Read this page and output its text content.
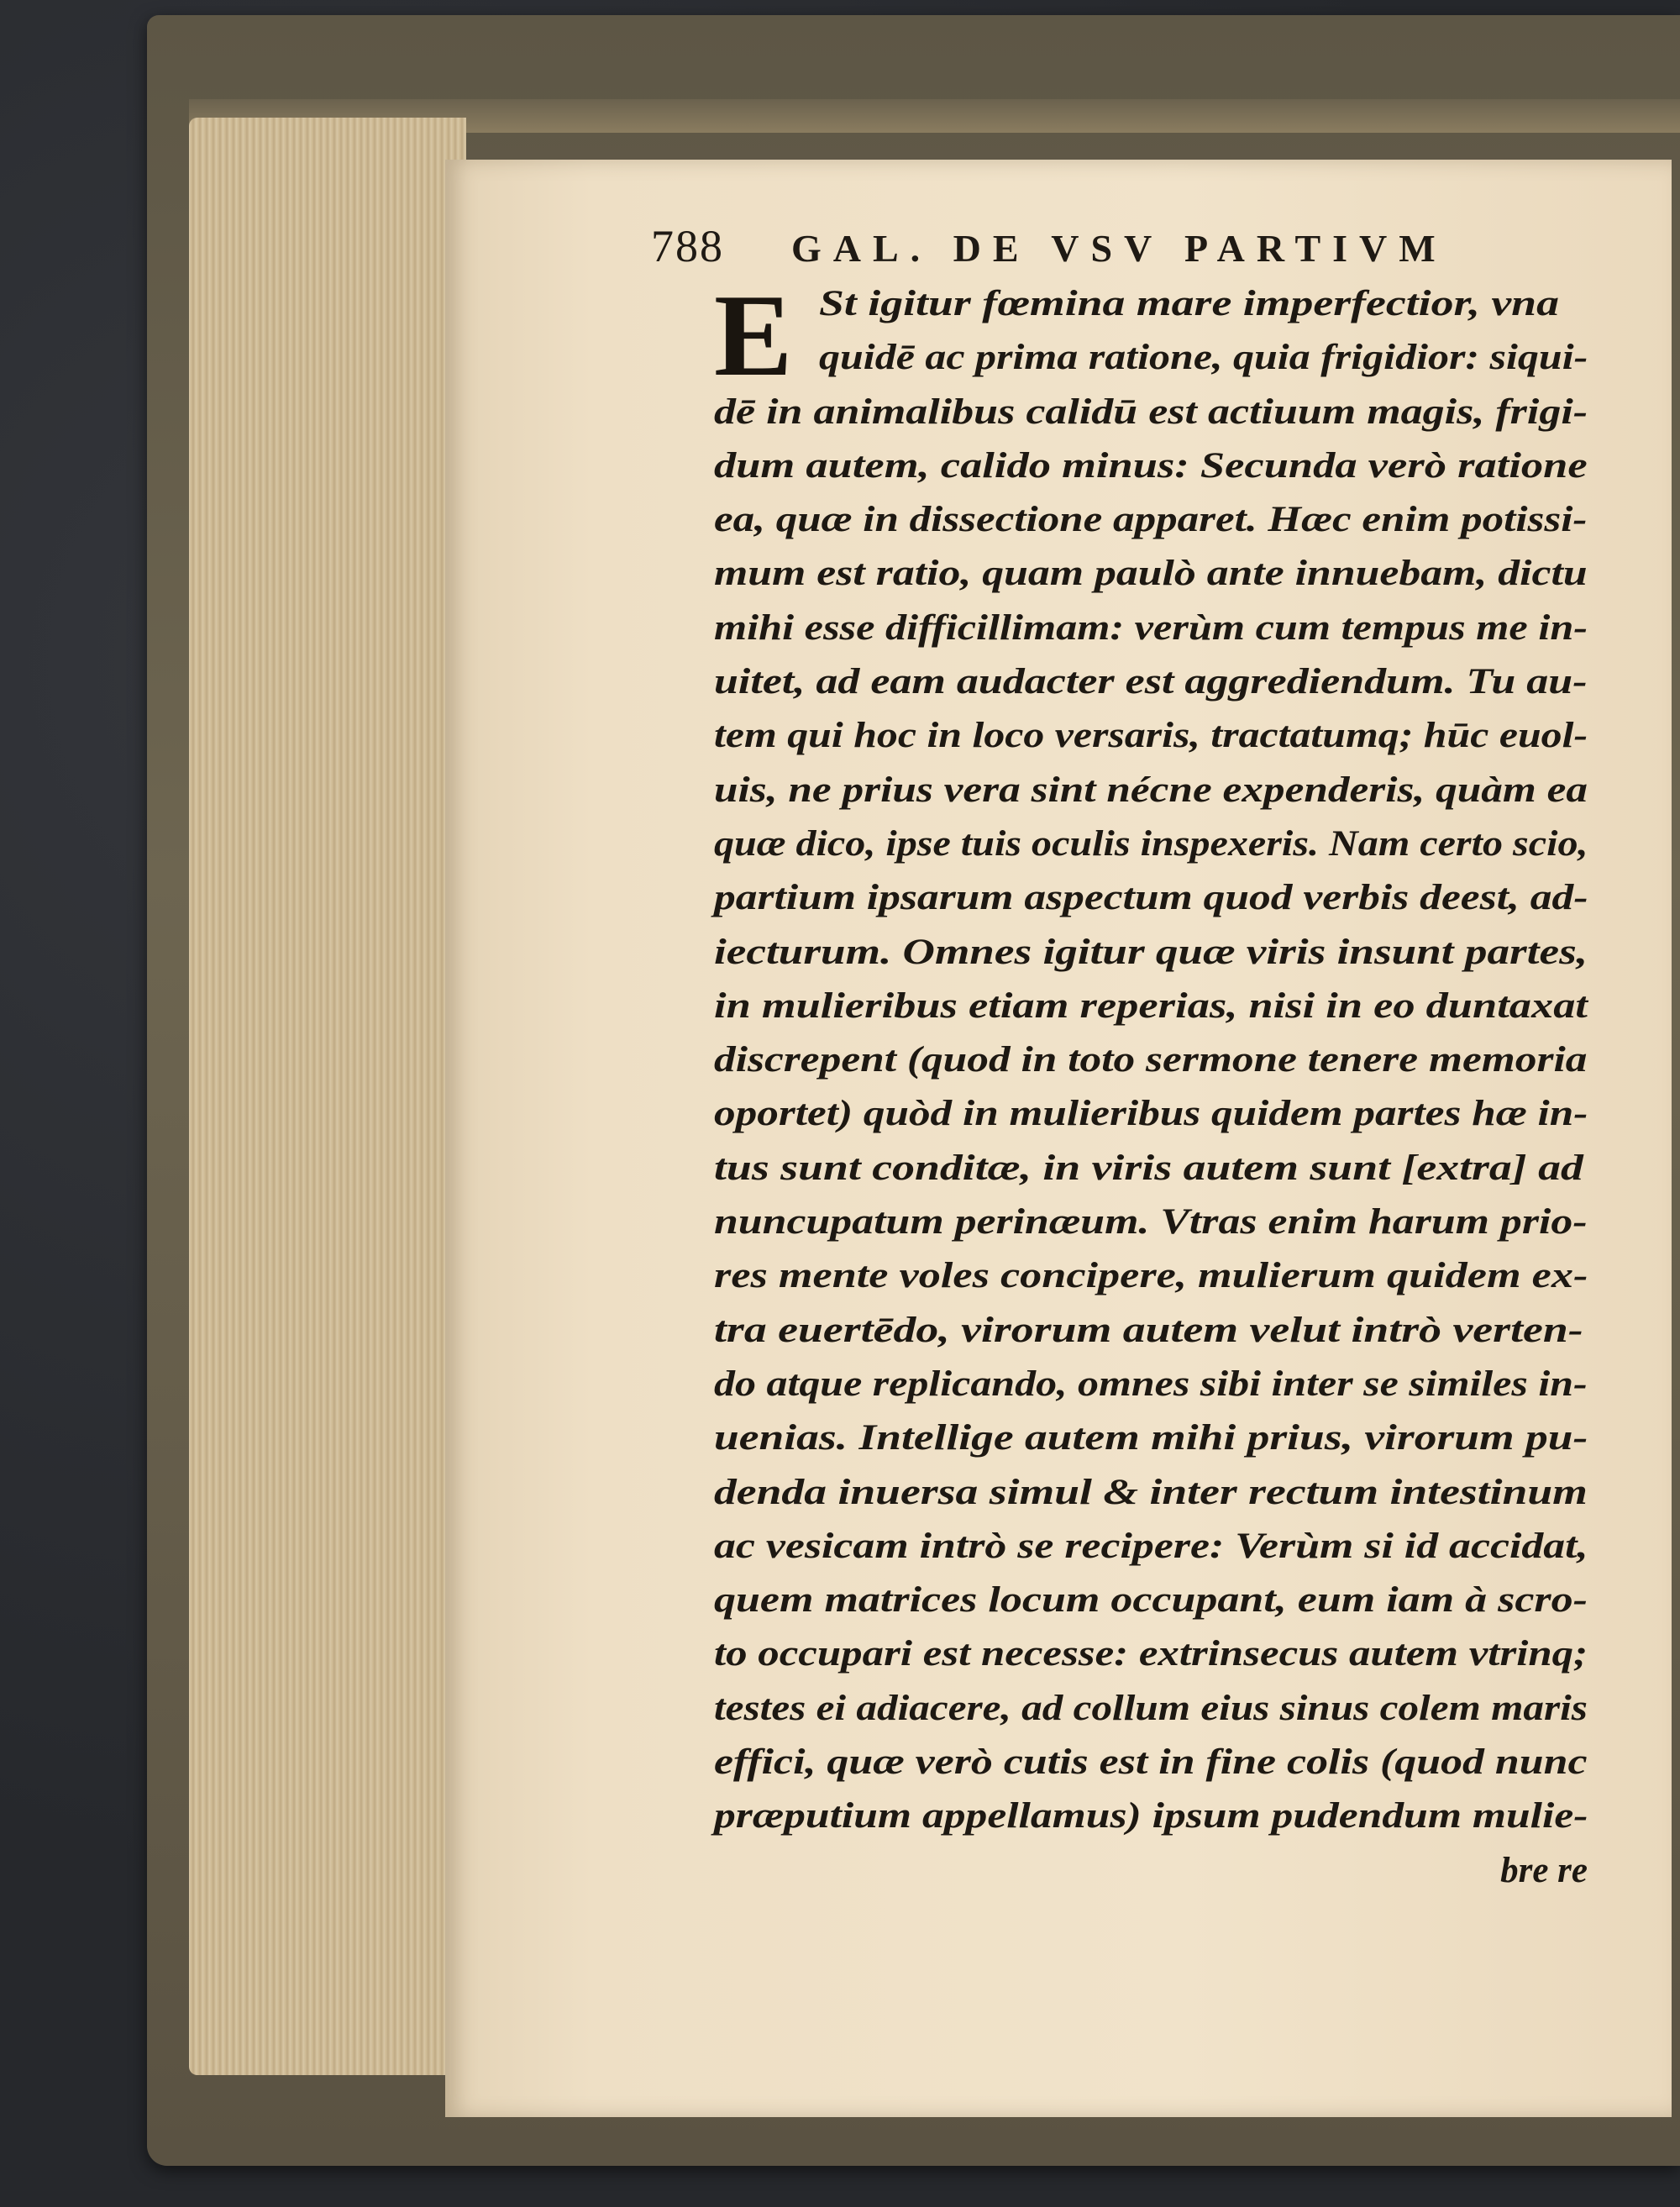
788 GAL. DE VSV PARTIVM
E St igitur fœmina mare imperfectior, vna
quidē ac prima ratione, quia frigidior: siqui-
dē in animalibus calidū est actiuum magis, frigi-
dum autem, calido minus: Secunda verò ratione
ea, quæ in dissectione apparet. Hæc enim potissi-
mum est ratio, quam paulò ante innuebam, dictu
mihi esse difficillimam: verùm cum tempus me in-
uitet, ad eam audacter est aggrediendum. Tu au-
tem qui hoc in loco versaris, tractatumq; hūc euol-
uis, ne prius vera sint nécne expenderis, quàm ea
quæ dico, ipse tuis oculis inspexeris. Nam certo scio,
partium ipsarum aspectum quod verbis deest, ad-
iecturum. Omnes igitur quæ viris insunt partes,
in mulieribus etiam reperias, nisi in eo duntaxat
discrepent (quod in toto sermone tenere memoria
oportet) quòd in mulieribus quidem partes hæ in-
tus sunt conditæ, in viris autem sunt [extra] ad
nuncupatum perinæum. Vtras enim harum prio-
res mente voles concipere, mulierum quidem ex-
tra euertēdo, virorum autem velut intrò verten-
do atque replicando, omnes sibi inter se similes in-
uenias. Intellige autem mihi prius, virorum pu-
denda inuersa simul & inter rectum intestinum
ac vesicam intrò se recipere: Verùm si id accidat,
quem matrices locum occupant, eum iam à scro-
to occupari est necesse: extrinsecus autem vtrinq;
testes ei adiacere, ad collum eius sinus colem maris
effici, quæ verò cutis est in fine colis (quod nunc
præputium appellamus) ipsum pudendum mulie-
bre re
